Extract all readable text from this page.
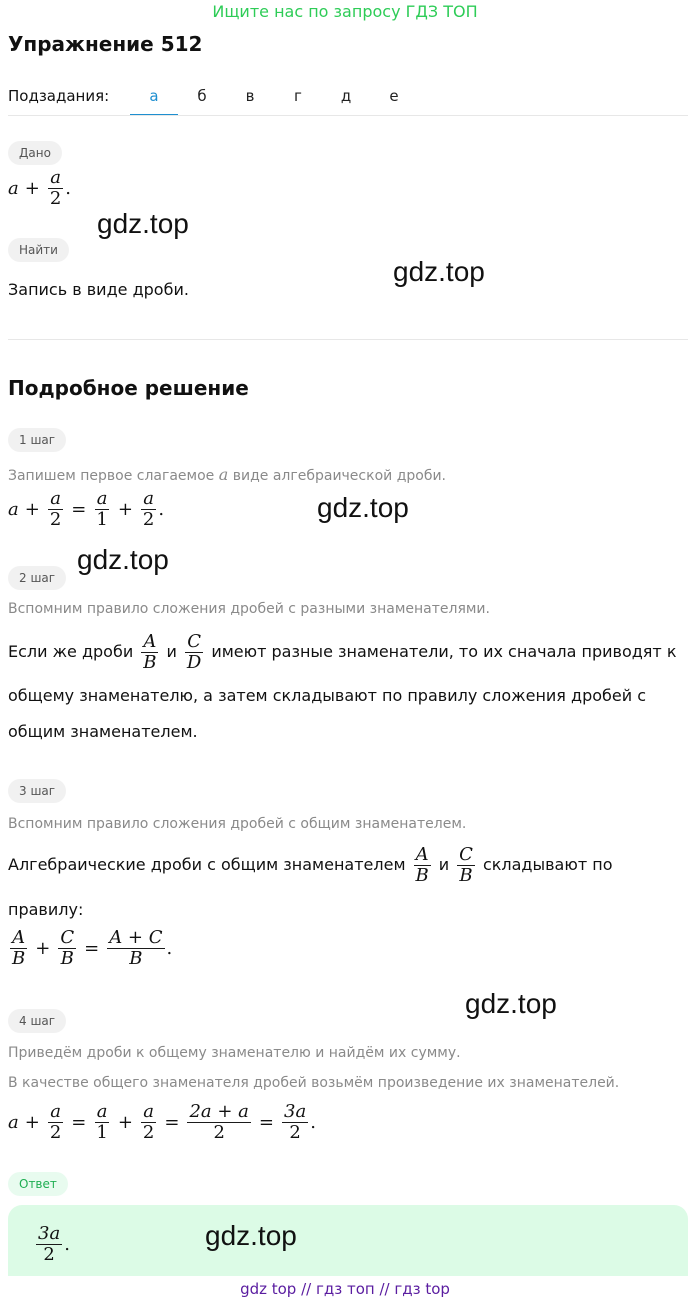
Ищите нас по запросу ГДЗ ТОП
Упражнение 512
Подзадания:	а	б	в	г	д	е
Дано
$a + \frac{a}{2}$ .
gdz.top
Найти
Запись в виде дроби.
gdz.top
Подробное решение
1 шаг
Запишем первое слагаемое a виде алгебраической дроби.
$a + \frac{a}{2} = \frac{a}{1} + \frac{a}{2}$ .	gdz.top
gdz.top
2 шаг
Вспомним правило сложения дробей с разными знаменателями.
Если же дроби $\frac{A}{B}$ и $\frac{C}{D}$ имеют разные знаменатели, то их сначала приводят к
общему знаменателю, а затем складывают по правилу сложения дробей с
общим знаменателем.
3 шаг
Вспомним правило сложения дробей с общим знаменателем.
Алгебраические дроби с общим знаменателем $\frac{A}{B}$ и $\frac{C}{B}$ складывают по
правилу:
$\frac{A}{B} + \frac{C}{B} = \frac{A + C}{B}$ .
gdz.top
4 шаг
Приведём дроби к общему знаменателю и найдём их сумму.
В качестве общего знаменателя дробей возьмём произведение их знаменателей.
$a + \frac{a}{2} = \frac{a}{1} + \frac{a}{2} = \frac{2a + a}{2} = \frac{3a}{2}$ .
Ответ
$\frac{3a}{2}$ .	gdz.top
gdz top // гдз топ // гдз top
